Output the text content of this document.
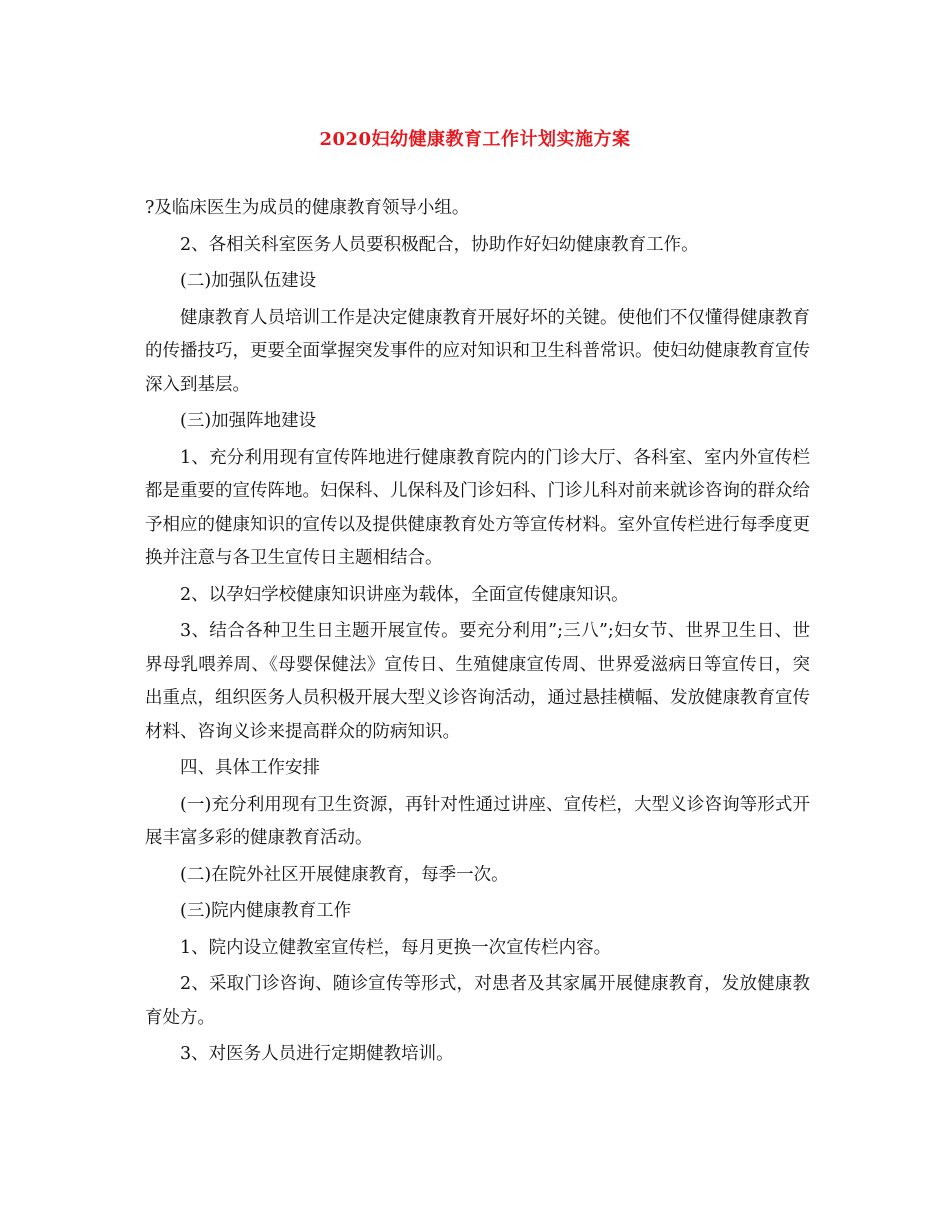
2020妇幼健康教育工作计划实施方案

?及临床医生为成员的健康教育领导小组。

2、各相关科室医务人员要积极配合，协助作好妇幼健康教育工作。

(二)加强队伍建设

健康教育人员培训工作是决定健康教育开展好坏的关键。使他们不仅懂得健康教育的传播技巧，更要全面掌握突发事件的应对知识和卫生科普常识。使妇幼健康教育宣传深入到基层。

(三)加强阵地建设

1、充分利用现有宣传阵地进行健康教育院内的门诊大厅、各科室、室内外宣传栏都是重要的宣传阵地。妇保科、儿保科及门诊妇科、门诊儿科对前来就诊咨询的群众给予相应的健康知识的宣传以及提供健康教育处方等宣传材料。室外宣传栏进行每季度更换并注意与各卫生宣传日主题相结合。

2、以孕妇学校健康知识讲座为载体，全面宣传健康知识。

3、结合各种卫生日主题开展宣传。要充分利用”;三八”;妇女节、世界卫生日、世界母乳喂养周、《母婴保健法》宣传日、生殖健康宣传周、世界爱滋病日等宣传日，突出重点，组织医务人员积极开展大型义诊咨询活动，通过悬挂横幅、发放健康教育宣传材料、咨询义诊来提高群众的防病知识。

四、具体工作安排

(一)充分利用现有卫生资源，再针对性通过讲座、宣传栏，大型义诊咨询等形式开展丰富多彩的健康教育活动。

(二)在院外社区开展健康教育，每季一次。

(三)院内健康教育工作

1、院内设立健教室宣传栏，每月更换一次宣传栏内容。

2、采取门诊咨询、随诊宣传等形式，对患者及其家属开展健康教育，发放健康教育处方。

3、对医务人员进行定期健教培训。
